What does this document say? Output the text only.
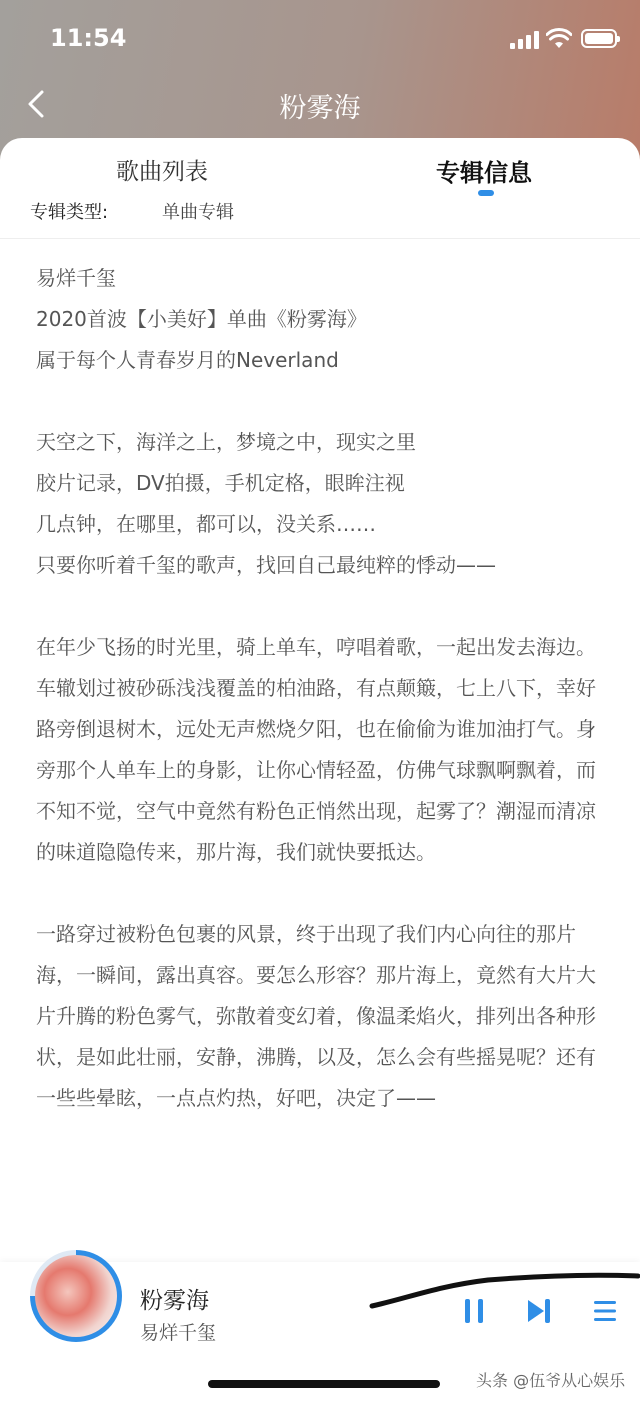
11:54
粉雾海
歌曲列表	专辑信息
专辑类型:	单曲专辑

易烊千玺

2020首波【小美好】单曲《粉雾海》

属于每个人青春岁月的Neverland

天空之下，海洋之上，梦境之中，现实之里

胶片记录，DV拍摄，手机定格，眼眸注视

几点钟，在哪里，都可以，没关系……

只要你听着千玺的歌声，找回自己最纯粹的悸动——

在年少飞扬的时光里，骑上单车，哼唱着歌，一起出发去海边。车辙划过被砂砾浅浅覆盖的柏油路，有点颠簸，七上八下，幸好路旁倒退树木，远处无声燃烧夕阳，也在偷偷为谁加油打气。身旁那个人单车上的身影，让你心情轻盈，仿佛气球飘啊飘着，而不知不觉，空气中竟然有粉色正悄然出现，起雾了？潮湿而清凉的味道隐隐传来，那片海，我们就快要抵达。

一路穿过被粉色包裹的风景，终于出现了我们内心向往的那片海，一瞬间，露出真容。要怎么形容？那片海上，竟然有大片大片升腾的粉色雾气，弥散着变幻着，像温柔焰火，排列出各种形状，是如此壮丽，安静，沸腾，以及，怎么会有些摇晃呢？还有一些些晕眩，一点点灼热，好吧，决定了——

粉雾海
易烊千玺
头条 @伍爷从心娱乐
